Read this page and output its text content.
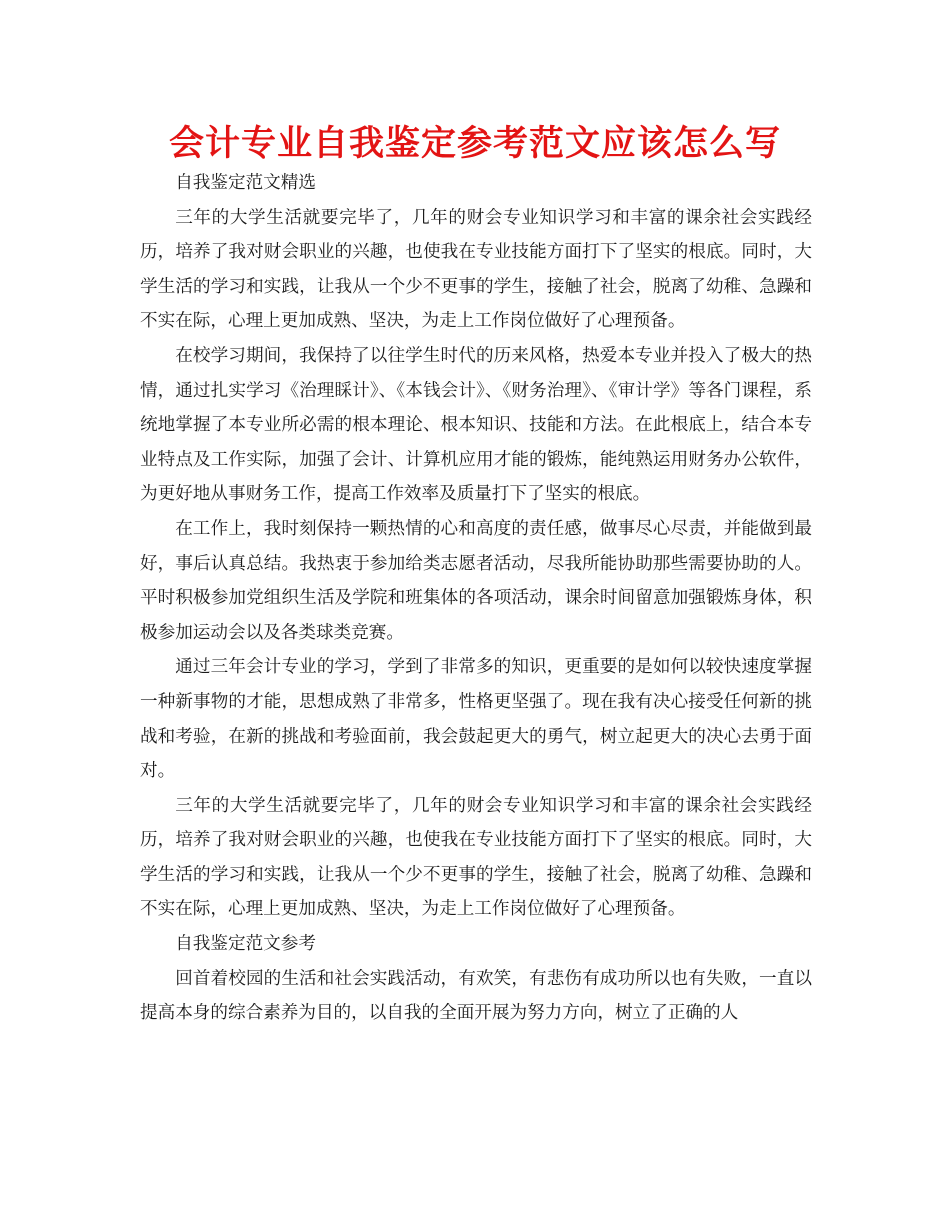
会计专业自我鉴定参考范文应该怎么写

自我鉴定范文精选

三年的大学生活就要完毕了，几年的财会专业知识学习和丰富的课余社会实践经历，培养了我对财会职业的兴趣，也使我在专业技能方面打下了坚实的根底。同时，大学生活的学习和实践，让我从一个少不更事的学生，接触了社会，脱离了幼稚、急躁和不实在际，心理上更加成熟、坚决，为走上工作岗位做好了心理预备。

在校学习期间，我保持了以往学生时代的历来风格，热爱本专业并投入了极大的热情，通过扎实学习《治理睬计》、《本钱会计》、《财务治理》、《审计学》等各门课程，系统地掌握了本专业所必需的根本理论、根本知识、技能和方法。在此根底上，结合本专业特点及工作实际，加强了会计、计算机应用才能的锻炼，能纯熟运用财务办公软件，为更好地从事财务工作，提高工作效率及质量打下了坚实的根底。

在工作上，我时刻保持一颗热情的心和高度的责任感，做事尽心尽责，并能做到最好，事后认真总结。我热衷于参加给类志愿者活动，尽我所能协助那些需要协助的人。平时积极参加党组织生活及学院和班集体的各项活动，课余时间留意加强锻炼身体，积极参加运动会以及各类球类竞赛。

通过三年会计专业的学习，学到了非常多的知识，更重要的是如何以较快速度掌握一种新事物的才能，思想成熟了非常多，性格更坚强了。现在我有决心接受任何新的挑战和考验，在新的挑战和考验面前，我会鼓起更大的勇气，树立起更大的决心去勇于面对。

三年的大学生活就要完毕了，几年的财会专业知识学习和丰富的课余社会实践经历，培养了我对财会职业的兴趣，也使我在专业技能方面打下了坚实的根底。同时，大学生活的学习和实践，让我从一个少不更事的学生，接触了社会，脱离了幼稚、急躁和不实在际，心理上更加成熟、坚决，为走上工作岗位做好了心理预备。

自我鉴定范文参考

回首着校园的生活和社会实践活动，有欢笑，有悲伤有成功所以也有失败，一直以提高本身的综合素养为目的，以自我的全面开展为努力方向，树立了正确的人
